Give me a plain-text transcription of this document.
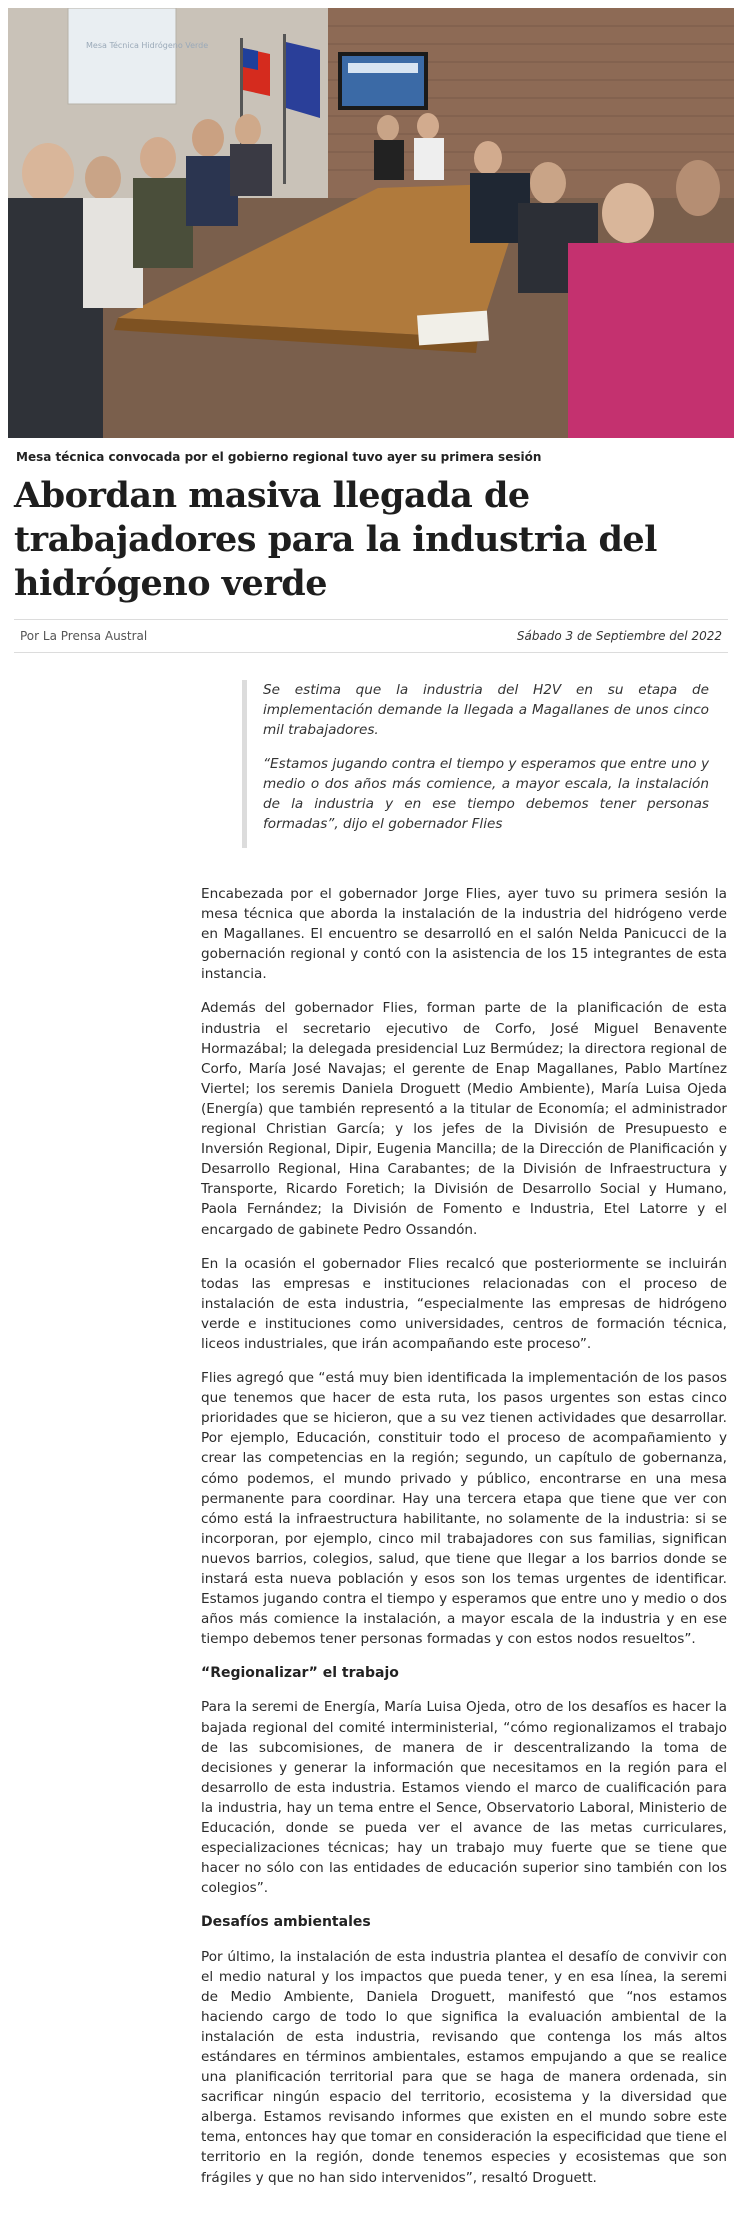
Mesa Técnica Hidrógeno Verde
Mesa técnica convocada por el gobierno regional tuvo ayer su primera sesión
Abordan masiva llegada de trabajadores para la industria del hidrógeno verde
Por La Prensa Austral	Sábado 3 de Septiembre del 2022

Se estima que la industria del H2V en su etapa de implementación demande la llegada a Magallanes de unos cinco mil trabajadores.

“Estamos jugando contra el tiempo y esperamos que entre uno y medio o dos años más comience, a mayor escala, la instalación de la industria y en ese tiempo debemos tener personas formadas”, dijo el gobernador Flies

Encabezada por el gobernador Jorge Flies, ayer tuvo su primera sesión la mesa técnica que aborda la instalación de la industria del hidrógeno verde en Magallanes. El encuentro se desarrolló en el salón Nelda Panicucci de la gobernación regional y contó con la asistencia de los 15 integrantes de esta instancia.

Además del gobernador Flies, forman parte de la planificación de esta industria el secretario ejecutivo de Corfo, José Miguel Benavente Hormazábal; la delegada presidencial Luz Bermúdez; la directora regional de Corfo, María José Navajas; el gerente de Enap Magallanes, Pablo Martínez Viertel; los seremis Daniela Droguett (Medio Ambiente), María Luisa Ojeda (Energía) que también representó a la titular de Economía; el administrador regional Christian García; y los jefes de la División de Presupuesto e Inversión Regional, Dipir, Eugenia Mancilla; de la Dirección de Planificación y Desarrollo Regional, Hina Carabantes; de la División de Infraestructura y Transporte, Ricardo Foretich; la División de Desarrollo Social y Humano, Paola Fernández; la División de Fomento e Industria, Etel Latorre y el encargado de gabinete Pedro Ossandón.

En la ocasión el gobernador Flies recalcó que posteriormente se incluirán todas las empresas e instituciones relacionadas con el proceso de instalación de esta industria, “especialmente las empresas de hidrógeno verde e instituciones como universidades, centros de formación técnica, liceos industriales, que irán acompañando este proceso”.

Flies agregó que “está muy bien identificada la implementación de los pasos que tenemos que hacer de esta ruta, los pasos urgentes son estas cinco prioridades que se hicieron, que a su vez tienen actividades que desarrollar. Por ejemplo, Educación, constituir todo el proceso de acompañamiento y crear las competencias en la región; segundo, un capítulo de gobernanza, cómo podemos, el mundo privado y público, encontrarse en una mesa permanente para coordinar. Hay una tercera etapa que tiene que ver con cómo está la infraestructura habilitante, no solamente de la industria: si se incorporan, por ejemplo, cinco mil trabajadores con sus familias, significan nuevos barrios, colegios, salud, que tiene que llegar a los barrios donde se instará esta nueva población y esos son los temas urgentes de identificar. Estamos jugando contra el tiempo y esperamos que entre uno y medio o dos años más comience la instalación, a mayor escala de la industria y en ese tiempo debemos tener personas formadas y con estos nodos resueltos”.

“Regionalizar” el trabajo

Para la seremi de Energía, María Luisa Ojeda, otro de los desafíos es hacer la bajada regional del comité interministerial, “cómo regionalizamos el trabajo de las subcomisiones, de manera de ir descentralizando la toma de decisiones y generar la información que necesitamos en la región para el desarrollo de esta industria. Estamos viendo el marco de cualificación para la industria, hay un tema entre el Sence, Observatorio Laboral, Ministerio de Educación, donde se pueda ver el avance de las metas curriculares, especializaciones técnicas; hay un trabajo muy fuerte que se tiene que hacer no sólo con las entidades de educación superior sino también con los colegios”.

Desafíos ambientales

Por último, la instalación de esta industria plantea el desafío de convivir con el medio natural y los impactos que pueda tener, y en esa línea, la seremi de Medio Ambiente, Daniela Droguett, manifestó que “nos estamos haciendo cargo de todo lo que significa la evaluación ambiental de la instalación de esta industria, revisando que contenga los más altos estándares en términos ambientales, estamos empujando a que se realice una planificación territorial para que se haga de manera ordenada, sin sacrificar ningún espacio del territorio, ecosistema y la diversidad que alberga. Estamos revisando informes que existen en el mundo sobre este tema, entonces hay que tomar en consideración la especificidad que tiene el territorio en la región, donde tenemos especies y ecosistemas que son frágiles y que no han sido intervenidos”, resaltó Droguett.
